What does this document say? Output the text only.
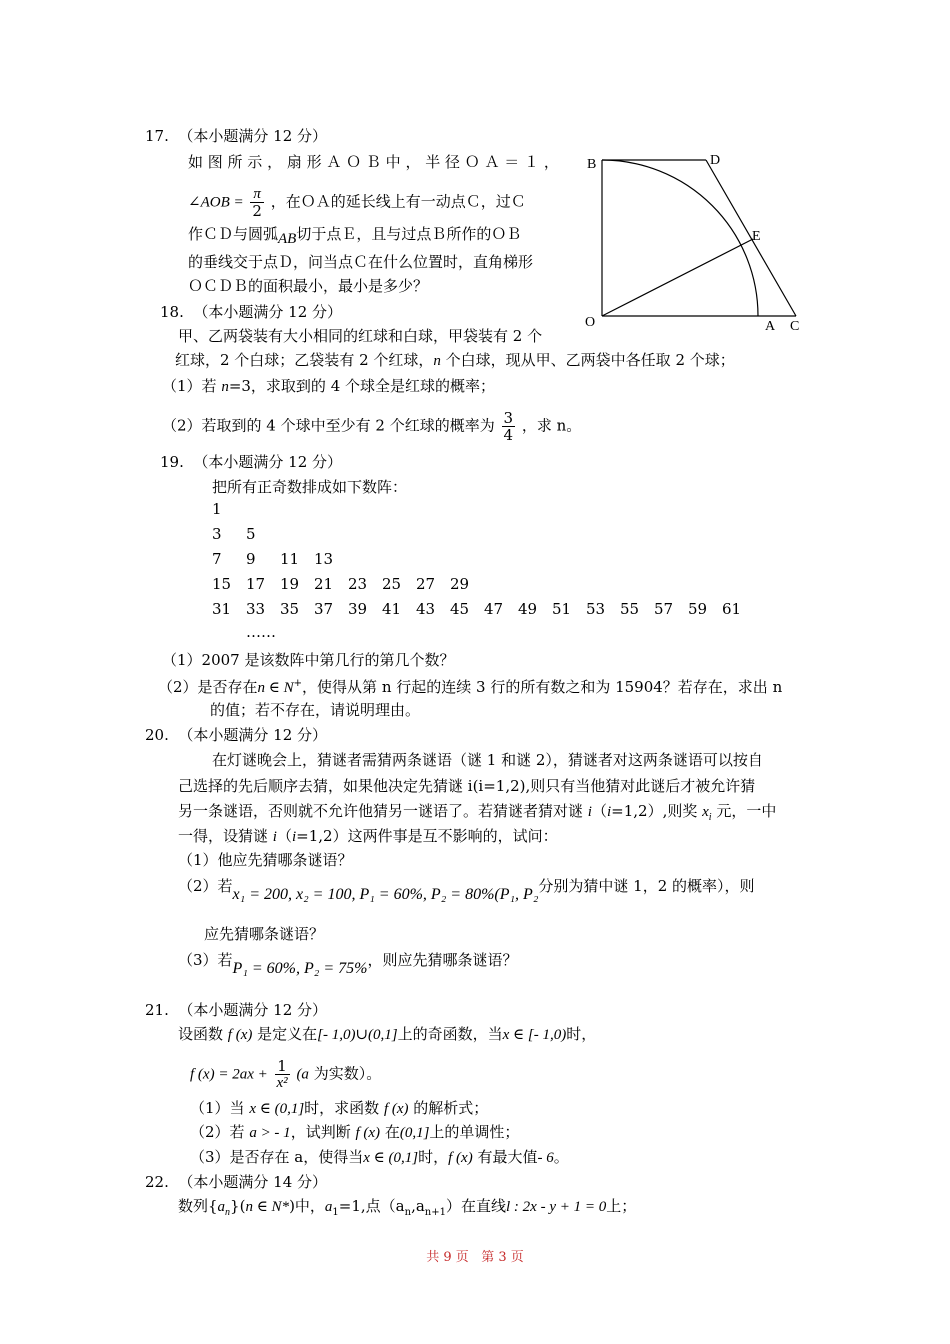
17. （本小题满分 12 分）
如 图 所 示 ， 扇 形 Ａ Ｏ Ｂ 中 ， 半 径 Ｏ Ａ ＝ １ ，
∠AOB = $\frac{\pi}{2}$ ，在ＯＡ的延长线上有一动点Ｃ，过Ｃ
作ＣＤ与圆弧AB切于点Ｅ，且与过点Ｂ所作的ＯＢ
的垂线交于点Ｄ，问当点Ｃ在什么位置时，直角梯形
ＯＣＤＢ的面积最小，最小是多少？
B	D
E
O	A C
18. （本小题满分 12 分）
甲、乙两袋装有大小相同的红球和白球，甲袋装有 2 个
红球，2 个白球；乙袋装有 2 个红球，n 个白球，现从甲、乙两袋中各任取 2 个球；
（1）若 n=3，求取到的 4 个球全是红球的概率；
（2）若取到的 4 个球中至少有 2 个红球的概率为 $\frac{3}{4}$ ，求 n。
19. （本小题满分 12 分）
把所有正奇数排成如下数阵：
1
3	5
7	9	11 13
15 17 19 21 23 25 27 29
31 33 35 37 39 41 43 45 47 49 51 53 55 57 59 61
……
（1）2007 是该数阵中第几行的第几个数？
（2）是否存在n ∈ N+，使得从第 n 行起的连续 3 行的所有数之和为 15904？若存在，求出 n
的值；若不存在，请说明理由。
20. （本小题满分 12 分）
在灯谜晚会上，猜谜者需猜两条谜语（谜 1 和谜 2），猜谜者对这两条谜语可以按自
己选择的先后顺序去猜，如果他决定先猜谜 i(i=1,2),则只有当他猜对此谜后才被允许猜
另一条谜语，否则就不允许他猜另一谜语了。若猜谜者猜对谜 i（i=1,2）,则奖 $x_i$ 元，一中
一得，设猜谜 i（i=1,2）这两件事是互不影响的，试问：
（1）他应先猜哪条谜语？
（2）若x₁ = 200, x₂ = 100, P₁ = 60%, P₂ = 80%(P₁, P₂分别为猜中谜 1，2 的概率），则
应先猜哪条谜语？
（3）若P₁ = 60%, P₂ = 75%，则应先猜哪条谜语？
21. （本小题满分 12 分）
设函数 f (x) 是定义在[- 1,0)∪(0,1]上的奇函数，当x ∈ [- 1,0)时，
f $(x) = 2ax + \frac{1}{\text{x²}} (a$ 为实数）。
（1）当 x ∈ (0,1]时，求函数 f (x) 的解析式；
（2）若 a > - 1，试判断 f (x) 在(0,1]上的单调性；
（3）是否存在 a，使得当x ∈ (0,1]时，f (x) 有最大值- 6。
22. （本小题满分 14 分）
数列$\{a_n\}(n$ ∈ N*)中，$a_1=1$,点$(a_n,a_{n+1})$在直线l : 2x - y + 1 = 0上；
共 9 页 第 3 页
